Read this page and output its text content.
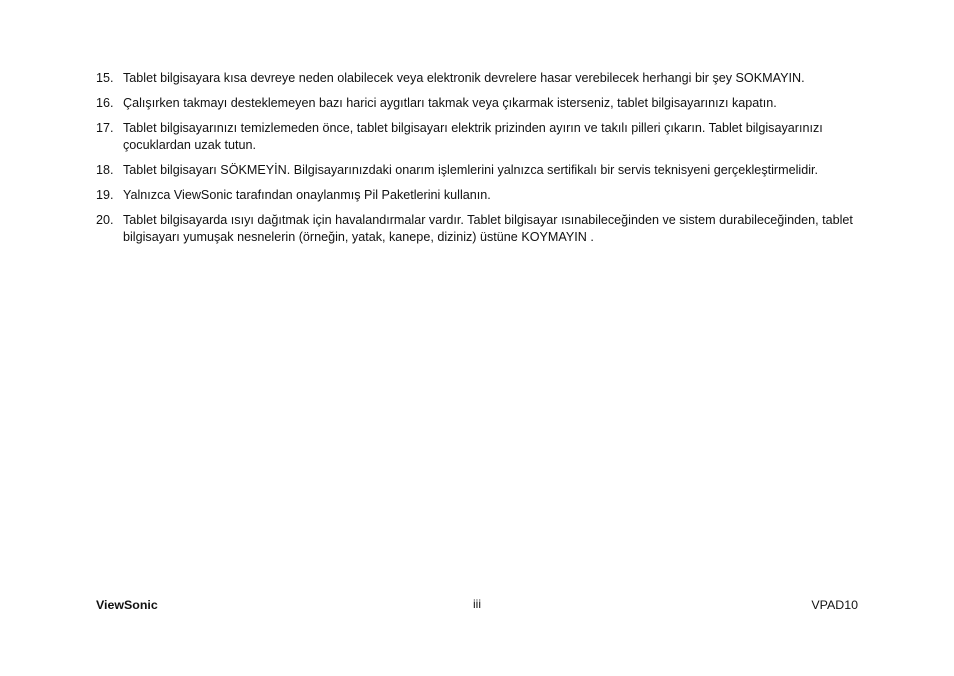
15. Tablet bilgisayara kısa devreye neden olabilecek veya elektronik devrelere hasar verebilecek herhangi bir şey SOKMAYIN.
16. Çalışırken takmayı desteklemeyen bazı harici aygıtları takmak veya çıkarmak isterseniz, tablet bilgisayarınızı kapatın.
17. Tablet bilgisayarınızı temizlemeden önce, tablet bilgisayarı elektrik prizinden ayırın ve takılı pilleri çıkarın. Tablet bilgisayarınızı çocuklardan uzak tutun.
18. Tablet bilgisayarı SÖKMEYİN. Bilgisayarınızdaki onarım işlemlerini yalnızca sertifikalı bir servis teknisyeni gerçekleştirmelidir.
19. Yalnızca ViewSonic tarafından onaylanmış Pil Paketlerini kullanın.
20. Tablet bilgisayarda ısıyı dağıtmak için havalandırmalar vardır. Tablet bilgisayar ısınabileceğinden ve sistem durabileceğinden, tablet bilgisayarı yumuşak nesnelerin (örneğin, yatak, kanepe, diziniz) üstüne KOYMAYIN .
ViewSonic	iii	VPAD10
